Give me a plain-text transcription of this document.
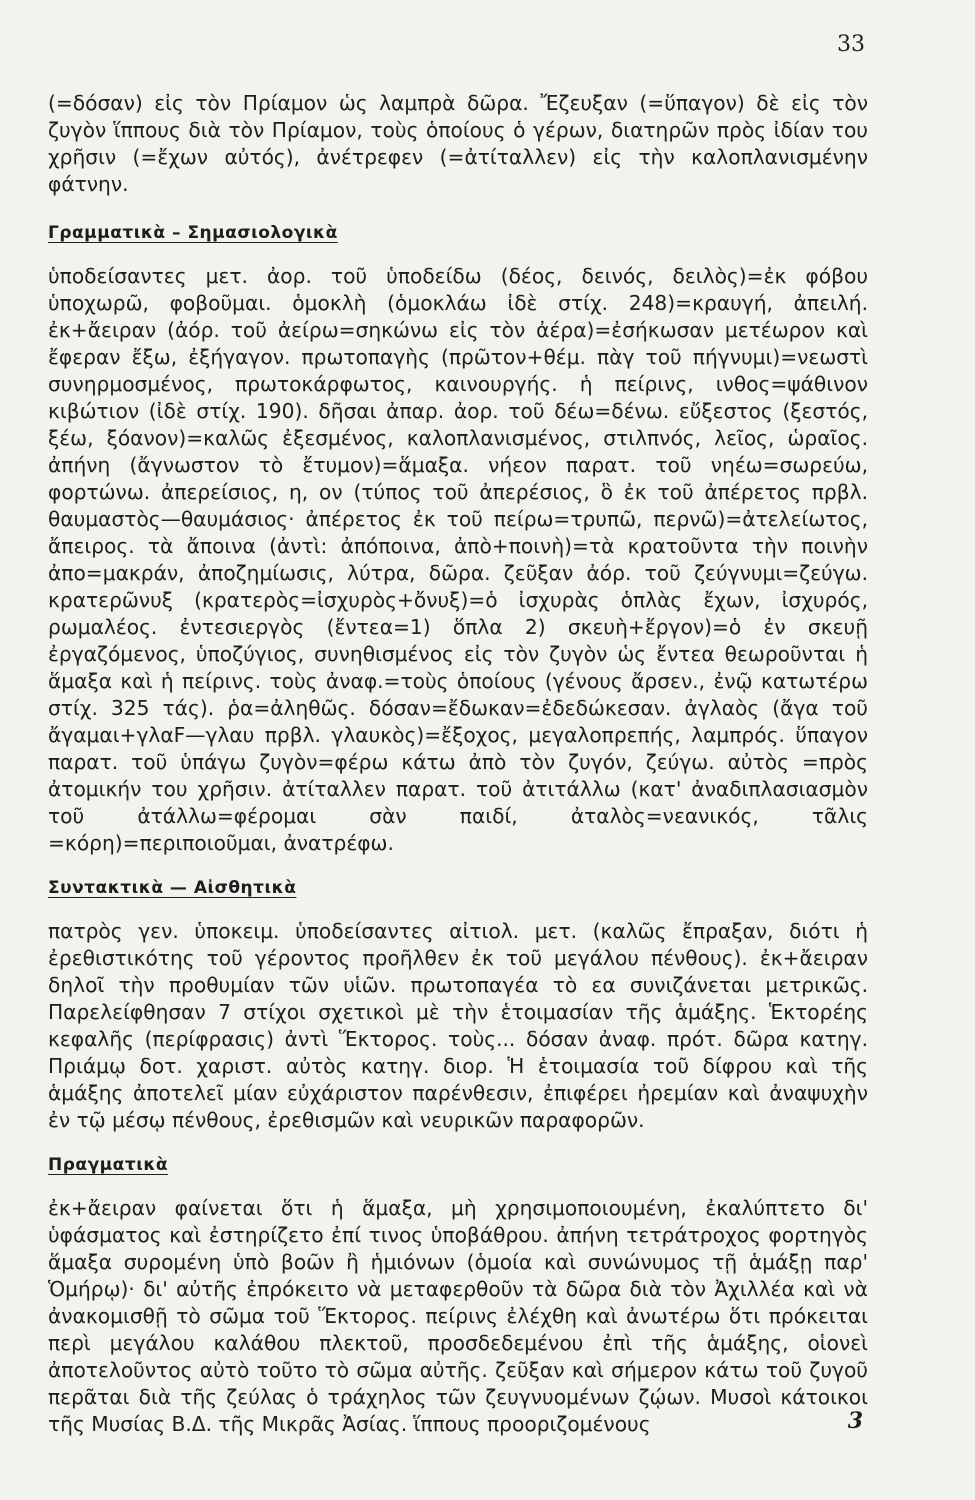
33

(=δόσαν) εἰς τὸν Πρίαμον ὡς λαμπρὰ δῶρα. Ἔζευξαν (=ὕπαγον) δὲ εἰς τὸν ζυγὸν ἵππους διὰ τὸν Πρίαμον, τοὺς ὁποίους ὁ γέρων, διατηρῶν πρὸς ἰδίαν του χρῆσιν (=ἔχων αὐτός), ἀνέτρεφεν (=ἀτίταλλεν) εἰς τὴν καλοπλανισμένην φάτνην.

Γραμματικὰ – Σημασιολογικὰ

ὑποδείσαντες μετ. ἀορ. τοῦ ὑποδείδω (δέος, δεινός, δειλὸς)=ἐκ φόβου ὑποχωρῶ, φοβοῦμαι. ὁμοκλὴ (ὁμοκλάω ἰδὲ στίχ. 248)=κραυγή, ἀπειλή. ἐκ+ἄειραν (ἀόρ. τοῦ ἀείρω=σηκώνω εἰς τὸν ἀέρα)=ἐσήκωσαν μετέωρον καὶ ἔφεραν ἔξω, ἐξήγαγον. πρωτοπαγὴς (πρῶτον+θέμ. πὰγ τοῦ πήγνυμι)=νεωστὶ συνηρμοσμένος, πρωτοκάρφωτος, καινουργής. ἡ πείρινς, ινθος=ψάθινον κιβώτιον (ἰδὲ στίχ. 190). δῆσαι ἀπαρ. ἀορ. τοῦ δέω=δένω. εὔξεστος (ξεστός, ξέω, ξόανον)=καλῶς ἐξεσμένος, καλοπλανισμένος, στιλπνός, λεῖος, ὡραῖος. ἀπήνη (ἄγνωστον τὸ ἔτυμον)=ἅμαξα. νήεον παρατ. τοῦ νηέω=σωρεύω, φορτώνω. ἀπερείσιος, η, ον (τύπος τοῦ ἀπερέσιος, ὃ ἐκ τοῦ ἀπέρετος πρβλ. θαυμαστὸς—θαυμάσιος· ἀπέρετος ἐκ τοῦ πείρω=τρυπῶ, περνῶ)=ἀτελείωτος, ἄπειρος. τὰ ἄποινα (ἀντὶ: ἀπόποινα, ἀπὸ+ποινὴ)=τὰ κρατοῦντα τὴν ποινὴν ἀπο=μακράν, ἀποζημίωσις, λύτρα, δῶρα. ζεῦξαν ἀόρ. τοῦ ζεύγνυμι=ζεύγω. κρατερῶνυξ (κρατερὸς=ἰσχυρὸς+ὄνυξ)=ὁ ἰσχυρὰς ὁπλὰς ἔχων, ἰσχυρός, ρωμαλέος. ἐντεσιεργὸς (ἔντεα=1) ὅπλα 2) σκευὴ+ἔργον)=ὁ ἐν σκευῇ ἐργαζόμενος, ὑποζύγιος, συνηθισμένος εἰς τὸν ζυγὸν ὡς ἔντεα θεωροῦνται ἡ ἅμαξα καὶ ἡ πείρινς. τοὺς ἀναφ.=τοὺς ὁποίους (γένους ἄρσεν., ἐνῷ κατωτέρω στίχ. 325 τάς). ῥα=ἀληθῶς. δόσαν=ἔδωκαν=ἐδεδώκεσαν. ἀγλαὸς (ἄγα τοῦ ἄγαμαι+γλαF—γλαυ πρβλ. γλαυκὸς)=ἔξοχος, μεγαλοπρεπής, λαμπρός. ὕπαγον παρατ. τοῦ ὑπάγω ζυγὸν=φέρω κάτω ἀπὸ τὸν ζυγόν, ζεύγω. αὐτὸς =πρὸς ἀτομικήν του χρῆσιν. ἀτίταλλεν παρατ. τοῦ ἀτιτάλλω (κατ' ἀναδιπλασιασμὸν τοῦ ἀτάλλω=φέρομαι σὰν παιδί, ἀταλὸς=νεανικός, τᾶλις =κόρη)=περιποιοῦμαι, ἀνατρέφω.

Συντακτικὰ — Αἰσθητικὰ

πατρὸς γεν. ὑποκειμ. ὑποδείσαντες αἰτιολ. μετ. (καλῶς ἔπραξαν, διότι ἡ ἐρεθιστικότης τοῦ γέροντος προῆλθεν ἐκ τοῦ μεγάλου πένθους). ἐκ+ἄειραν δηλοῖ τὴν προθυμίαν τῶν υἱῶν. πρωτοπαγέα τὸ εα συνιζάνεται μετρικῶς. Παρελείφθησαν 7 στίχοι σχετικοὶ μὲ τὴν ἑτοιμασίαν τῆς ἁμάξης. Ἑκτορέης κεφαλῆς (περίφρασις) ἀντὶ Ἕκτορος. τοὺς... δόσαν ἀναφ. πρότ. δῶρα κατηγ. Πριάμῳ δοτ. χαριστ. αὐτὸς κατηγ. διορ. Ἡ ἑτοιμασία τοῦ δίφρου καὶ τῆς ἁμάξης ἀποτελεῖ μίαν εὐχάριστον παρένθεσιν, ἐπιφέρει ἠρεμίαν καὶ ἀναψυχὴν ἐν τῷ μέσῳ πένθους, ἐρεθισμῶν καὶ νευρικῶν παραφορῶν.

Πραγματικὰ

ἐκ+ἄειραν φαίνεται ὅτι ἡ ἅμαξα, μὴ χρησιμοποιουμένη, ἐκαλύπτετο δι' ὑφάσματος καὶ ἐστηρίζετο ἐπί τινος ὑποβάθρου. ἀπήνη τετράτροχος φορτηγὸς ἅμαξα συρομένη ὑπὸ βοῶν ἢ ἡμιόνων (ὁμοία καὶ συνώνυμος τῇ ἁμάξῃ παρ' Ὁμήρῳ)· δι' αὐτῆς ἐπρόκειτο νὰ μεταφερθοῦν τὰ δῶρα διὰ τὸν Ἀχιλλέα καὶ νὰ ἀνακομισθῇ τὸ σῶμα τοῦ Ἕκτορος. πείρινς ἐλέχθη καὶ ἀνωτέρω ὅτι πρόκειται περὶ μεγάλου καλάθου πλεκτοῦ, προσδεδεμένου ἐπὶ τῆς ἁμάξης, οἱονεὶ ἀποτελοῦντος αὐτὸ τοῦτο τὸ σῶμα αὐτῆς. ζεῦξαν καὶ σήμερον κάτω τοῦ ζυγοῦ περᾶται διὰ τῆς ζεύλας ὁ τράχηλος τῶν ζευγνυομένων ζῴων. Μυσοὶ κάτοικοι τῆς Μυσίας Β.Δ. τῆς Μικρᾶς Ἀσίας. ἵππους προοριζομένους	3
